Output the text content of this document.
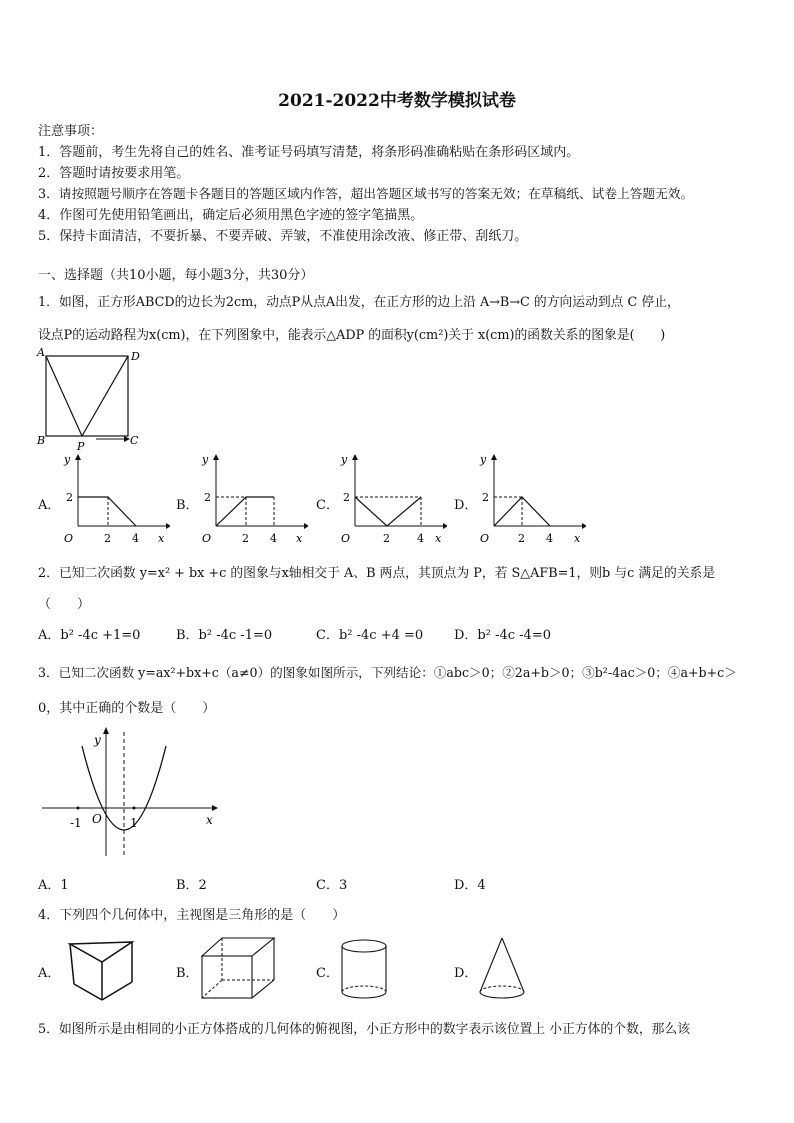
2021-2022中考数学模拟试卷
注意事项：
1．答题前，考生先将自己的姓名、准考证号码填写清楚，将条形码准确粘贴在条形码区域内。
2．答题时请按要求用笔。
3．请按照题号顺序在答题卡各题目的答题区域内作答，超出答题区域书写的答案无效；在草稿纸、试卷上答题无效。
4．作图可先使用铅笔画出，确定后必须用黑色字迹的签字笔描黑。
5．保持卡面清洁，不要折暴、不要弄破、弄皱，不准使用涂改液、修正带、刮纸刀。
一、选择题（共10小题，每小题3分，共30分）
1．如图，正方形ABCD的边长为2cm，动点P从点A出发，在正方形的边上沿 A→B→C 的方向运动到点 C 停止，
设点P的运动路程为x(cm)，在下列图象中，能表示△ADP 的面积y(cm²)关于 x(cm)的函数关系的图象是(　　)
A	D
B	C
P
A．
y
2
O	2 4 x
B．
y
2
O	2 4 x
C．
y
2
O	2 4 x
D．
y
2
O	2 4 x
2．已知二次函数 y=x² + bx +c 的图象与x轴相交于 A、B 两点，其顶点为 P，若 S△AFB=1，则b 与c 满足的关系是
（　　）
A．b² -4c +1=0	B．b² -4c -1=0	C．b² -4c +4 =0 D．b² -4c -4=0
3．已知二次函数 y=ax²+bx+c（a≠0）的图象如图所示，下列结论：①abc＞0；②2a+b＞0；③b²-4ac＞0；④a+b+c＞
0，其中正确的个数是（　　）
y
x
O
-1	1
A．1	B．2	C．3	D．4
4．下列四个几何体中，主视图是三角形的是（　　）
A．	B．	C．	D．
5．如图所示是由相同的小正方体搭成的几何体的俯视图，小正方形中的数字表示该位置上 小正方体的个数，那么该
